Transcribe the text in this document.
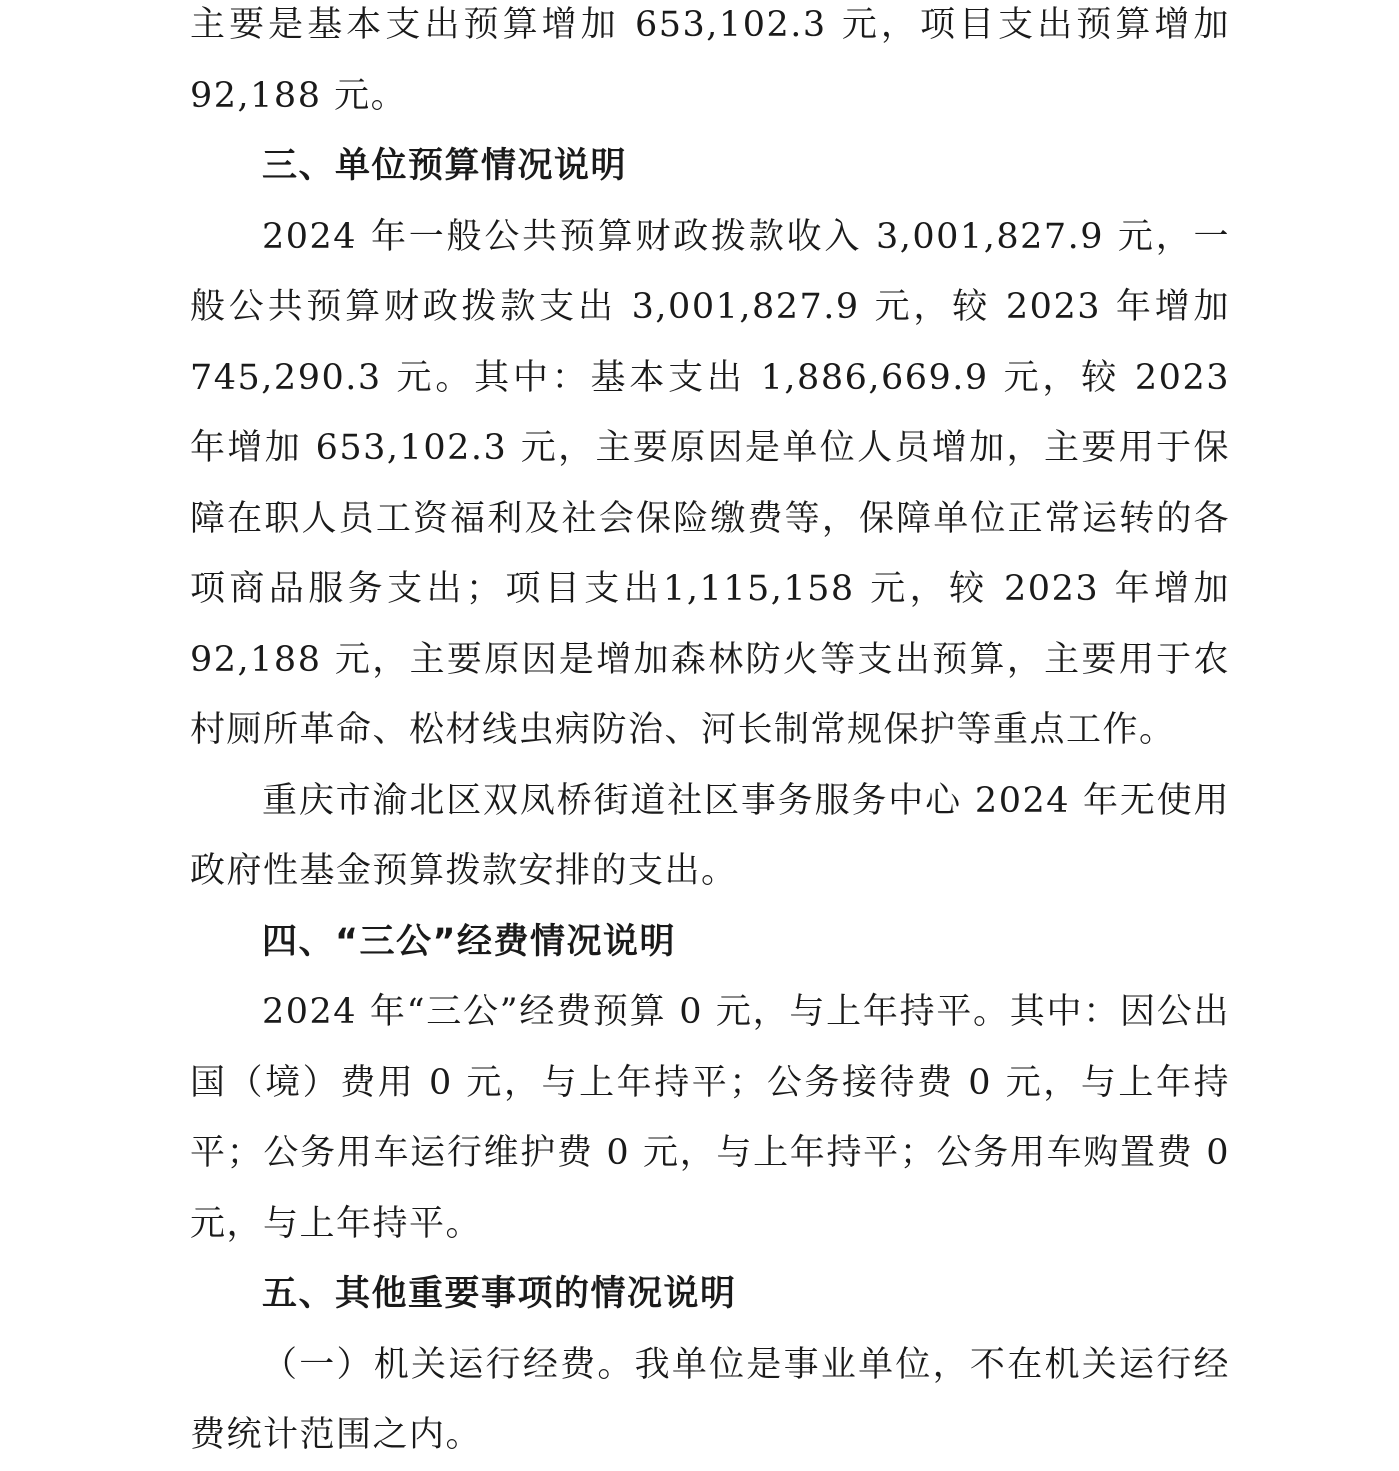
主要是基本支出预算增加 653,102.3 元，项目支出预算增加92,188 元。

三、单位预算情况说明

2024 年一般公共预算财政拨款收入 3,001,827.9 元，一般公共预算财政拨款支出 3,001,827.9 元，较 2023 年增加 745,290.3 元。其中：基本支出 1,886,669.9 元，较 2023 年增加 653,102.3 元，主要原因是单位人员增加，主要用于保障在职人员工资福利及社会保险缴费等，保障单位正常运转的各项商品服务支出；项目支出1,115,158 元，较 2023 年增加 92,188 元，主要原因是增加森林防火等支出预算，主要用于农村厕所革命、松材线虫病防治、河长制常规保护等重点工作。

重庆市渝北区双凤桥街道社区事务服务中心 2024 年无使用政府性基金预算拨款安排的支出。

四、“三公”经费情况说明

2024 年“三公”经费预算 0 元，与上年持平。其中：因公出国（境）费用 0 元，与上年持平；公务接待费 0 元，与上年持平；公务用车运行维护费 0 元，与上年持平；公务用车购置费 0 元，与上年持平。

五、其他重要事项的情况说明

（一）机关运行经费。我单位是事业单位，不在机关运行经费统计范围之内。
